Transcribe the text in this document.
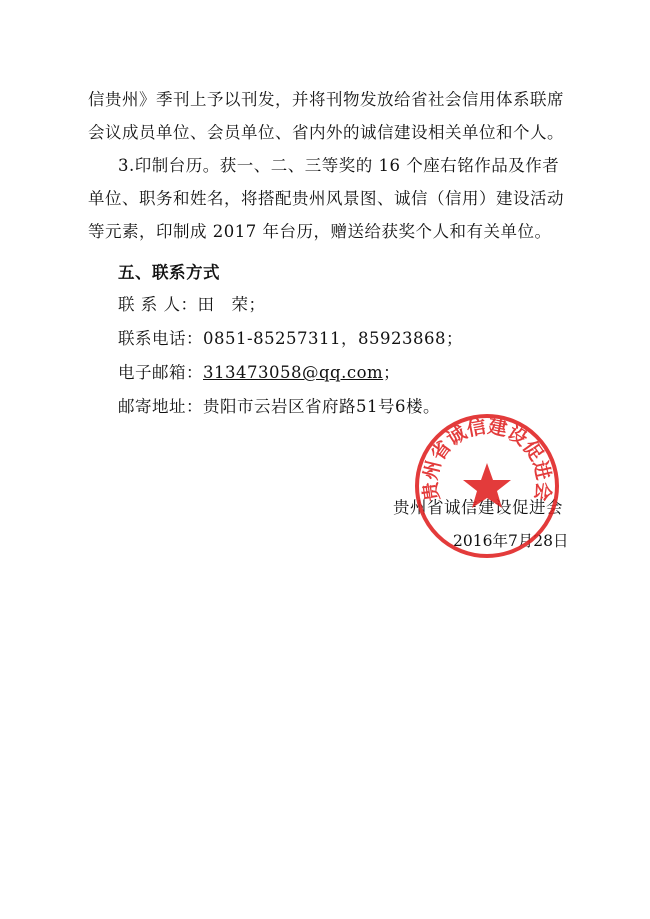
信贵州》季刊上予以刊发，并将刊物发放给省社会信用体系联席
会议成员单位、会员单位、省内外的诚信建设相关单位和个人。
3.印制台历。获一、二、三等奖的 16 个座右铭作品及作者
单位、职务和姓名，将搭配贵州风景图、诚信（信用）建设活动
等元素，印制成 2017 年台历，赠送给获奖个人和有关单位。
五、联系方式
联 系 人：田　荣；
联系电话：0851-85257311，85923868；
电子邮箱：313473058@qq.com；
邮寄地址：贵阳市云岩区省府路51号6楼。
贵州省诚信建设促进会
2016年7月28日
贵州省诚信建设促进会
